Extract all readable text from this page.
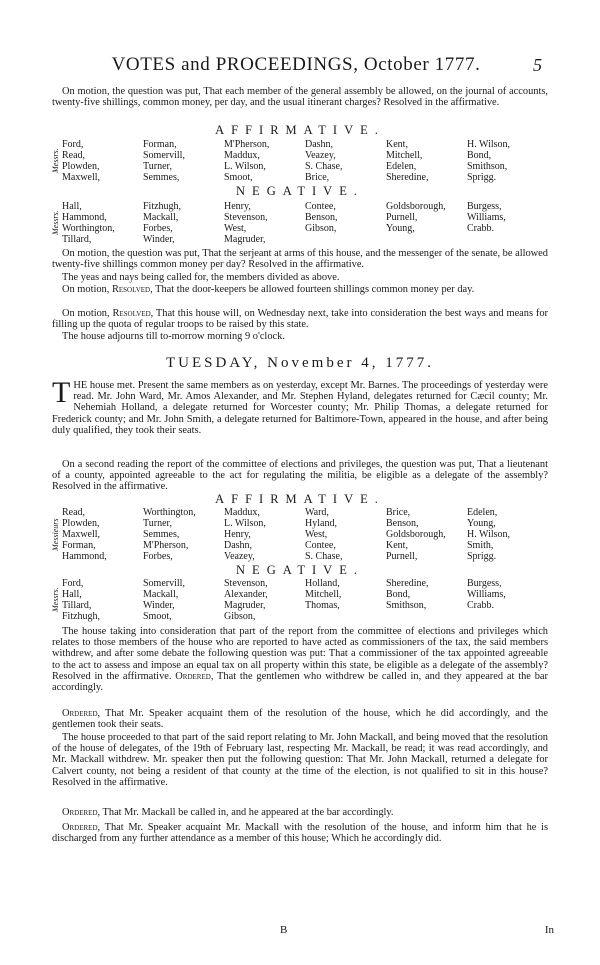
VOTES and PROCEEDINGS, October 1777.	5

On motion, the question was put, That each member of the general assembly be allowed, on the journal of accounts, twenty-five shillings, common money, per day, and the usual itinerant charges? Resolved in the affirmative.

AFFIRMATIVE.
Messrs.
Ford,
Read,
Plowden,
Maxwell,
Forman,
Somervill,
Turner,
Semmes,
M'Pherson,
Maddux,
L. Wilson,
Smoot,
Dashn,
Veazey,
S. Chase,
Brice,
Kent,
Mitchell,
Edelen,
Sheredine,
H. Wilson,
Bond,
Smithson,
Sprigg.
NEGATIVE.
Messrs.
Hall,
Hammond,
Worthington,
Tillard,
Fitzhugh,
Mackall,
Forbes,
Winder,
Henry,
Stevenson,
West,
Magruder,
Contee,
Benson,
Gibson,

Goldsborough,
Purnell,
Young,

Burgess,
Williams,
Crabb.

On motion, the question was put, That the serjeant at arms of this house, and the messenger of the senate, be allowed twenty-five shillings common money per day? Resolved in the affirmative.

The yeas and nays being called for, the members divided as above.

On motion, Resolved, That the door-keepers be allowed fourteen shillings common money per day.

On motion, Resolved, That this house will, on Wednesday next, take into consideration the best ways and means for filling up the quota of regular troops to be raised by this state.

The house adjourns till to-morrow morning 9 o'clock.

TUESDAY, November 4, 1777.

THE house met. Present the same members as on yesterday, except Mr. Barnes. The proceedings of yesterday were read. Mr. John Ward, Mr. Amos Alexander, and Mr. Stephen Hyland, delegates returned for Cæcil county; Mr. Nehemiah Holland, a delegate returned for Worcester county; Mr. Philip Thomas, a delegate returned for Frederick county; and Mr. John Smith, a delegate returned for Baltimore-Town, appeared in the house, and after being duly qualified, they took their seats.

On a second reading the report of the committee of elections and privileges, the question was put, That a lieutenant of a county, appointed agreeable to the act for regulating the militia, be eligible as a delegate of the assembly? Resolved in the affirmative.

AFFIRMATIVE.
Messieurs
Read,
Plowden,
Maxwell,
Forman,
Hammond,
Worthington,
Turner,
Semmes,
M'Pherson,
Forbes,
Maddux,
L. Wilson,
Henry,
Dashn,
Veazey,
Ward,
Hyland,
West,
Contee,
S. Chase,
Brice,
Benson,
Goldsborough,
Kent,
Purnell,
Edelen,
Young,
H. Wilson,
Smith,
Sprigg.
NEGATIVE.
Messrs.
Ford,
Hall,
Tillard,
Fitzhugh,
Somervill,
Mackall,
Winder,
Smoot,
Stevenson,
Alexander,
Magruder,
Gibson,
Holland,
Mitchell,
Thomas,

Sheredine,
Bond,
Smithson,

Burgess,
Williams,
Crabb.

The house taking into consideration that part of the report from the committee of elections and privileges which relates to those members of the house who are reported to have acted as commissioners of the tax, the said members withdrew, and after some debate the following question was put: That a commissioner of the tax appointed agreeable to the act to assess and impose an equal tax on all property within this state, be eligible as a delegate of the assembly? Resolved in the affirmative. Ordered, That the gentlemen who withdrew be called in, and they appeared at the bar accordingly.

Ordered, That Mr. Speaker acquaint them of the resolution of the house, which he did accordingly, and the gentlemen took their seats.

The house proceeded to that part of the said report relating to Mr. John Mackall, and being moved that the resolution of the house of delegates, of the 19th of February last, respecting Mr. Mackall, be read; it was read accordingly, and Mr. Mackall withdrew. Mr. speaker then put the following question: That Mr. John Mackall, returned a delegate for Calvert county, not being a resident of that county at the time of the election, is not qualified to sit in this house? Resolved in the affirmative.

Ordered, That Mr. Mackall be called in, and he appeared at the bar accordingly.

Ordered, That Mr. Speaker acquaint Mr. Mackall with the resolution of the house, and inform him that he is discharged from any further attendance as a member of this house; Which he accordingly did.

B	In
